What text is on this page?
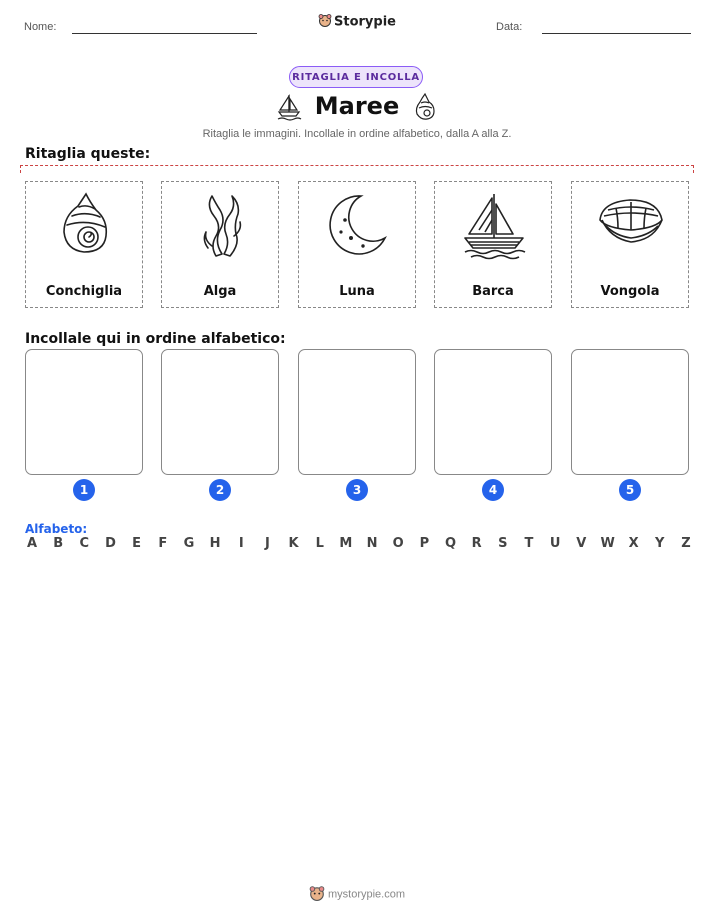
Nome:	Storypie	Data:
RITAGLIA E INCOLLA
Maree
Ritaglia le immagini. Incollale in ordine alfabetico, dalla A alla Z.
Ritaglia queste:
Conchiglia	Alga	Luna	Barca	Vongola
Incollale qui in ordine alfabetico:
1	2	3	4	5
Alfabeto:
A B C D E F G H	I	J	K L M N O P Q R S T U V W X Y Z
mystorypie.com
